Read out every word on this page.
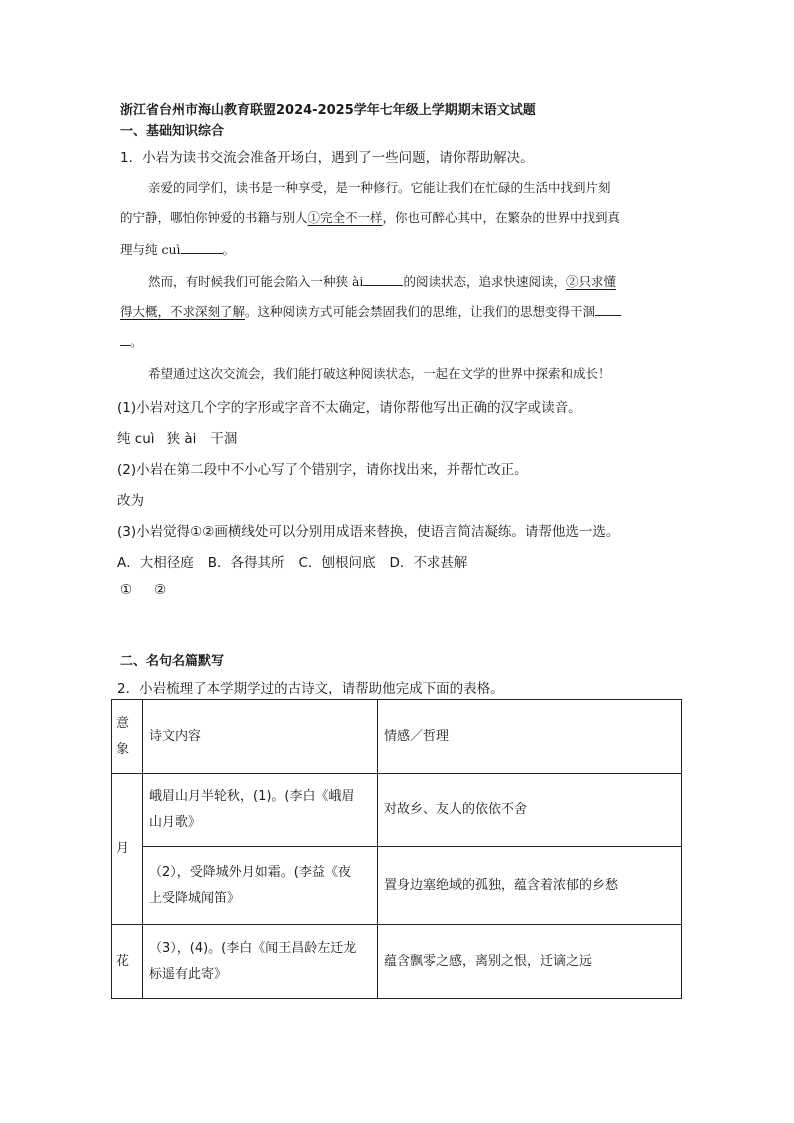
浙江省台州市海山教育联盟2024-2025学年七年级上学期期末语文试题
一、基础知识综合
1．小岩为读书交流会准备开场白，遇到了一些问题，请你帮助解决。
亲爱的同学们，读书是一种享受，是一种修行。它能让我们在忙碌的生活中找到片刻
的宁静，哪怕你钟爱的书籍与别人①完全不一样，你也可醉心其中，在繁杂的世界中找到真
理与纯 cuì	。
然而，有时候我们可能会陷入一种狭 ài	的阅读状态，追求快速阅读，②只求懂
得大概，不求深刻了解。这种阅读方式可能会禁固我们的思维，让我们的思想变得干涸
。
希望通过这次交流会，我们能打破这种阅读状态，一起在文学的世界中探索和成长！
(1)小岩对这几个字的字形或字音不太确定，请你帮他写出正确的汉字或读音。
纯 cuì 狭 ài 干涸
(2)小岩在第二段中不小心写了个错别字，请你找出来，并帮忙改正。
改为
(3)小岩觉得①②画横线处可以分别用成语来替换，使语言简洁凝练。请帮他选一选。
A．大相径庭 B．各得其所 C．刨根问底 D．不求甚解
① ②
二、名句名篇默写
2．小岩梳理了本学期学过的古诗文，请帮助他完成下面的表格。
意象	诗文内容	情感／哲理
月	峨眉山月半轮秋，(1)。(李白《峨眉
山月歌》	对故乡、友人的依依不舍

	（2），受降城外月如霜。(李益《夜
上受降城闻笛》	置身边塞绝域的孤独，蕴含着浓郁的乡愁
花	（3），(4)。(李白《闻王昌龄左迁龙
标遥有此寄》	蕴含飘零之感，离别之恨，迁谪之远
